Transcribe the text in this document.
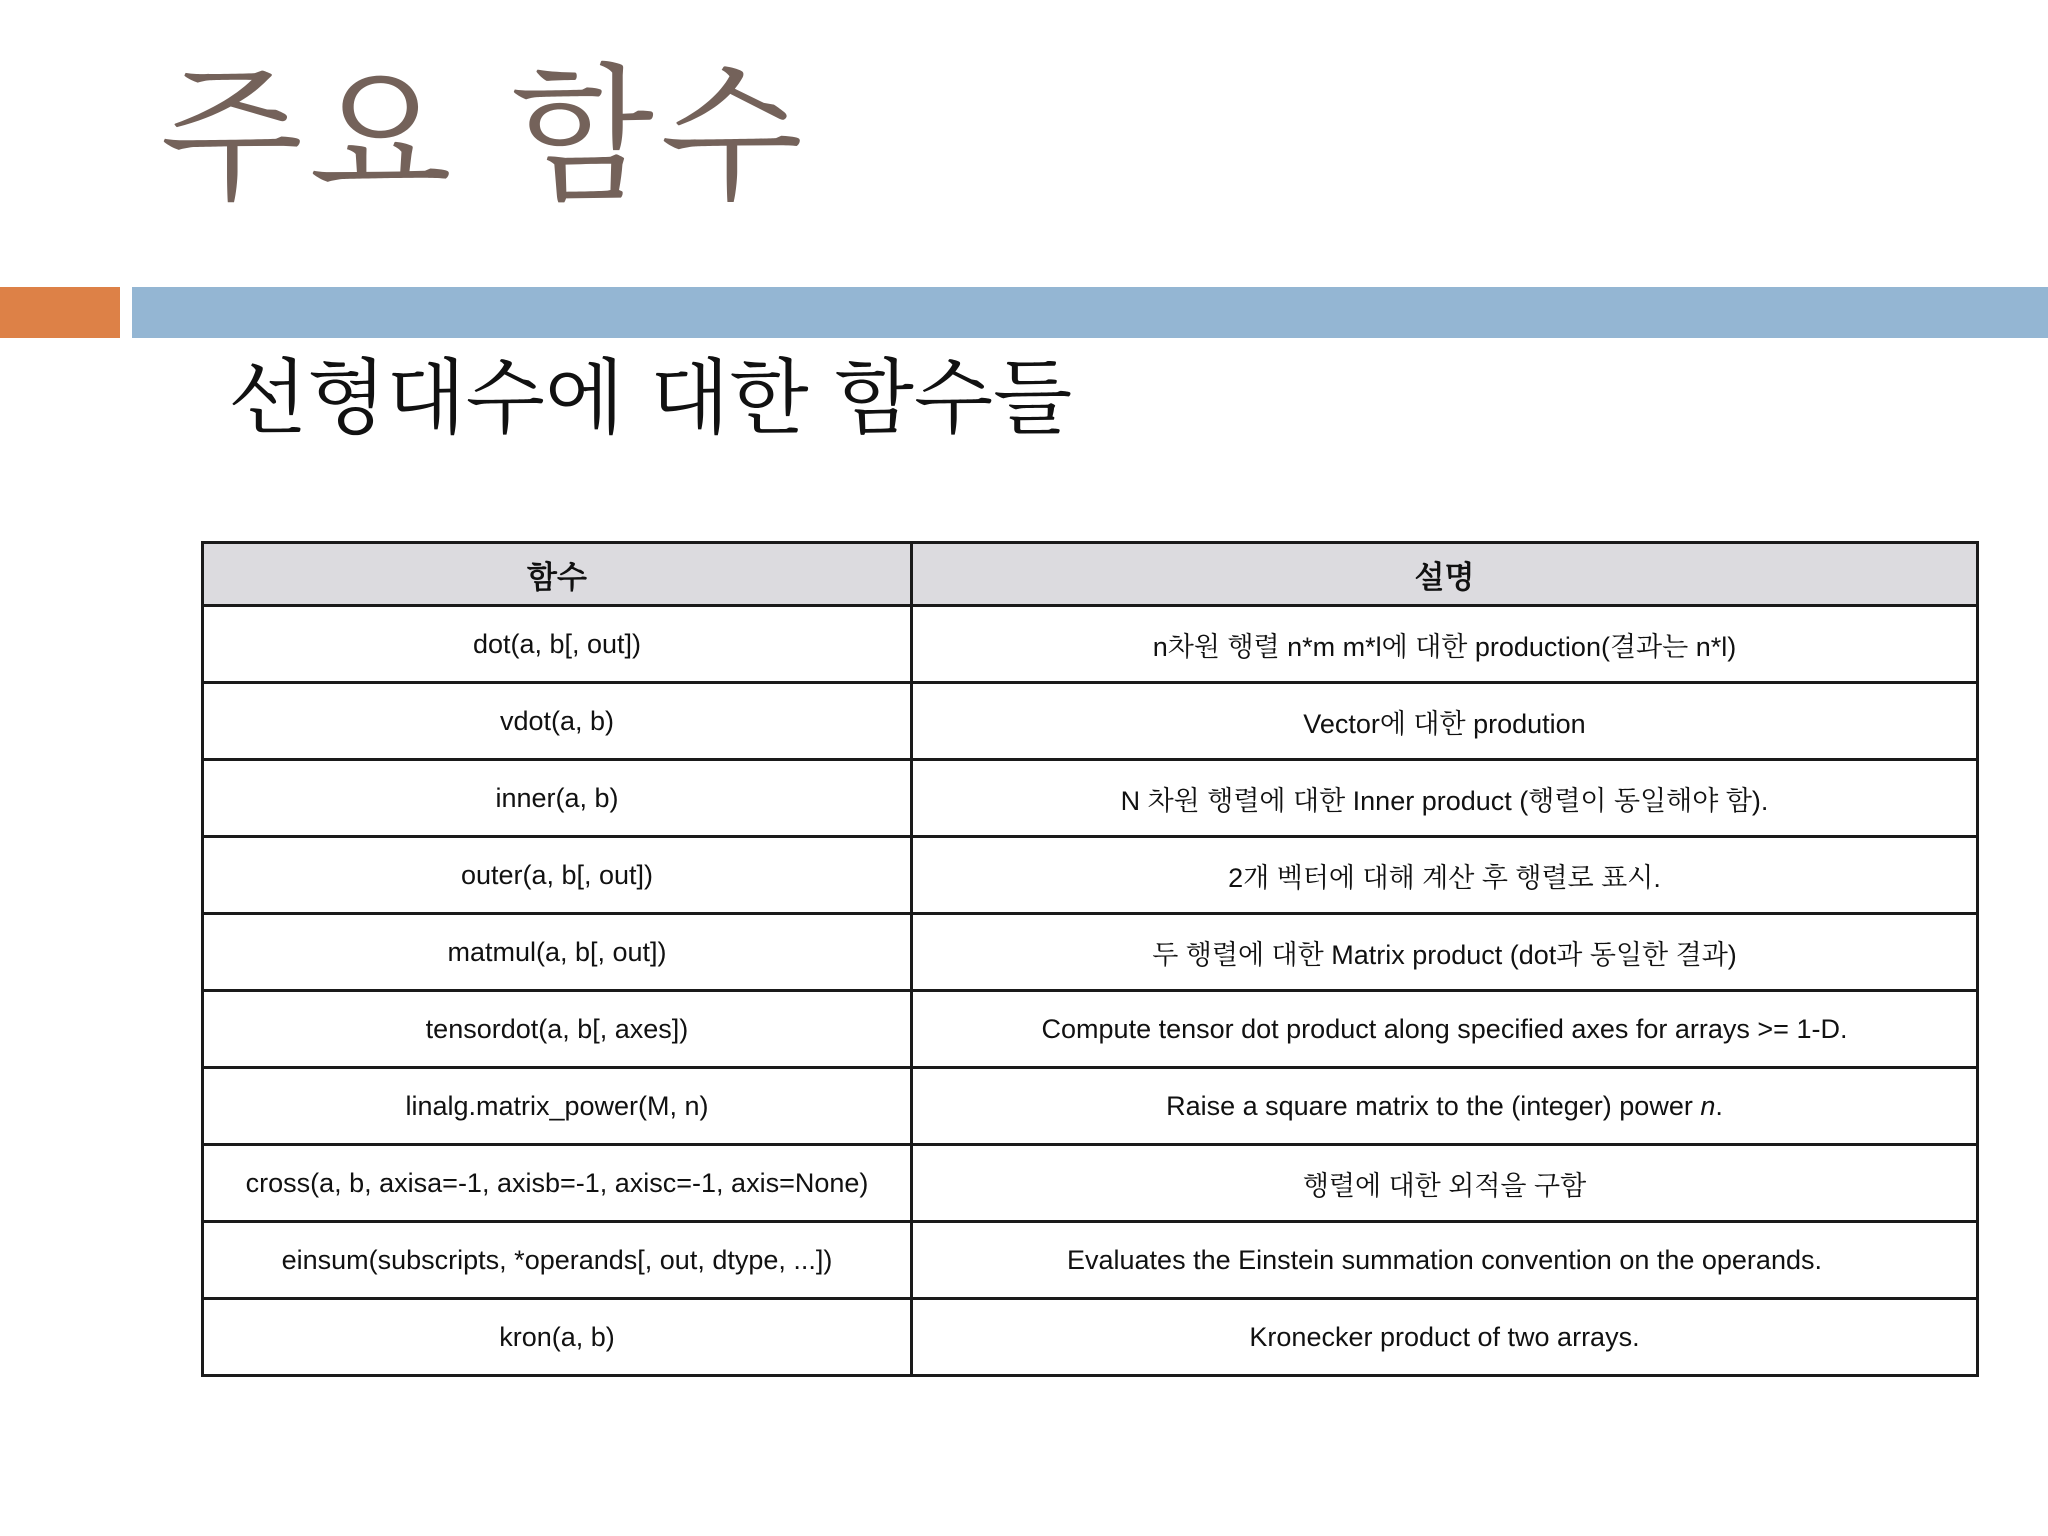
주요 함수
선형대수에 대한 함수들
함수	설명
dot(a, b[, out])	n차원 행렬 n*m m*l에 대한 production(결과는 n*l)
vdot(a, b)	Vector에 대한 prodution
inner(a, b)	N 차원 행렬에 대한 Inner product (행렬이 동일해야 함).
outer(a, b[, out])	2개 벡터에 대해 계산 후 행렬로 표시.
matmul(a, b[, out])	두 행렬에 대한 Matrix product (dot과 동일한 결과)
tensordot(a, b[, axes])	Compute tensor dot product along specified axes for arrays >= 1-D.
linalg.matrix_power(M, n)	Raise a square matrix to the (integer) power n.
cross(a, b, axisa=-1, axisb=-1, axisc=-1, axis=None)	행렬에 대한 외적을 구함
einsum(subscripts, *operands[, out, dtype, ...])	Evaluates the Einstein summation convention on the operands.
kron(a, b)	Kronecker product of two arrays.
